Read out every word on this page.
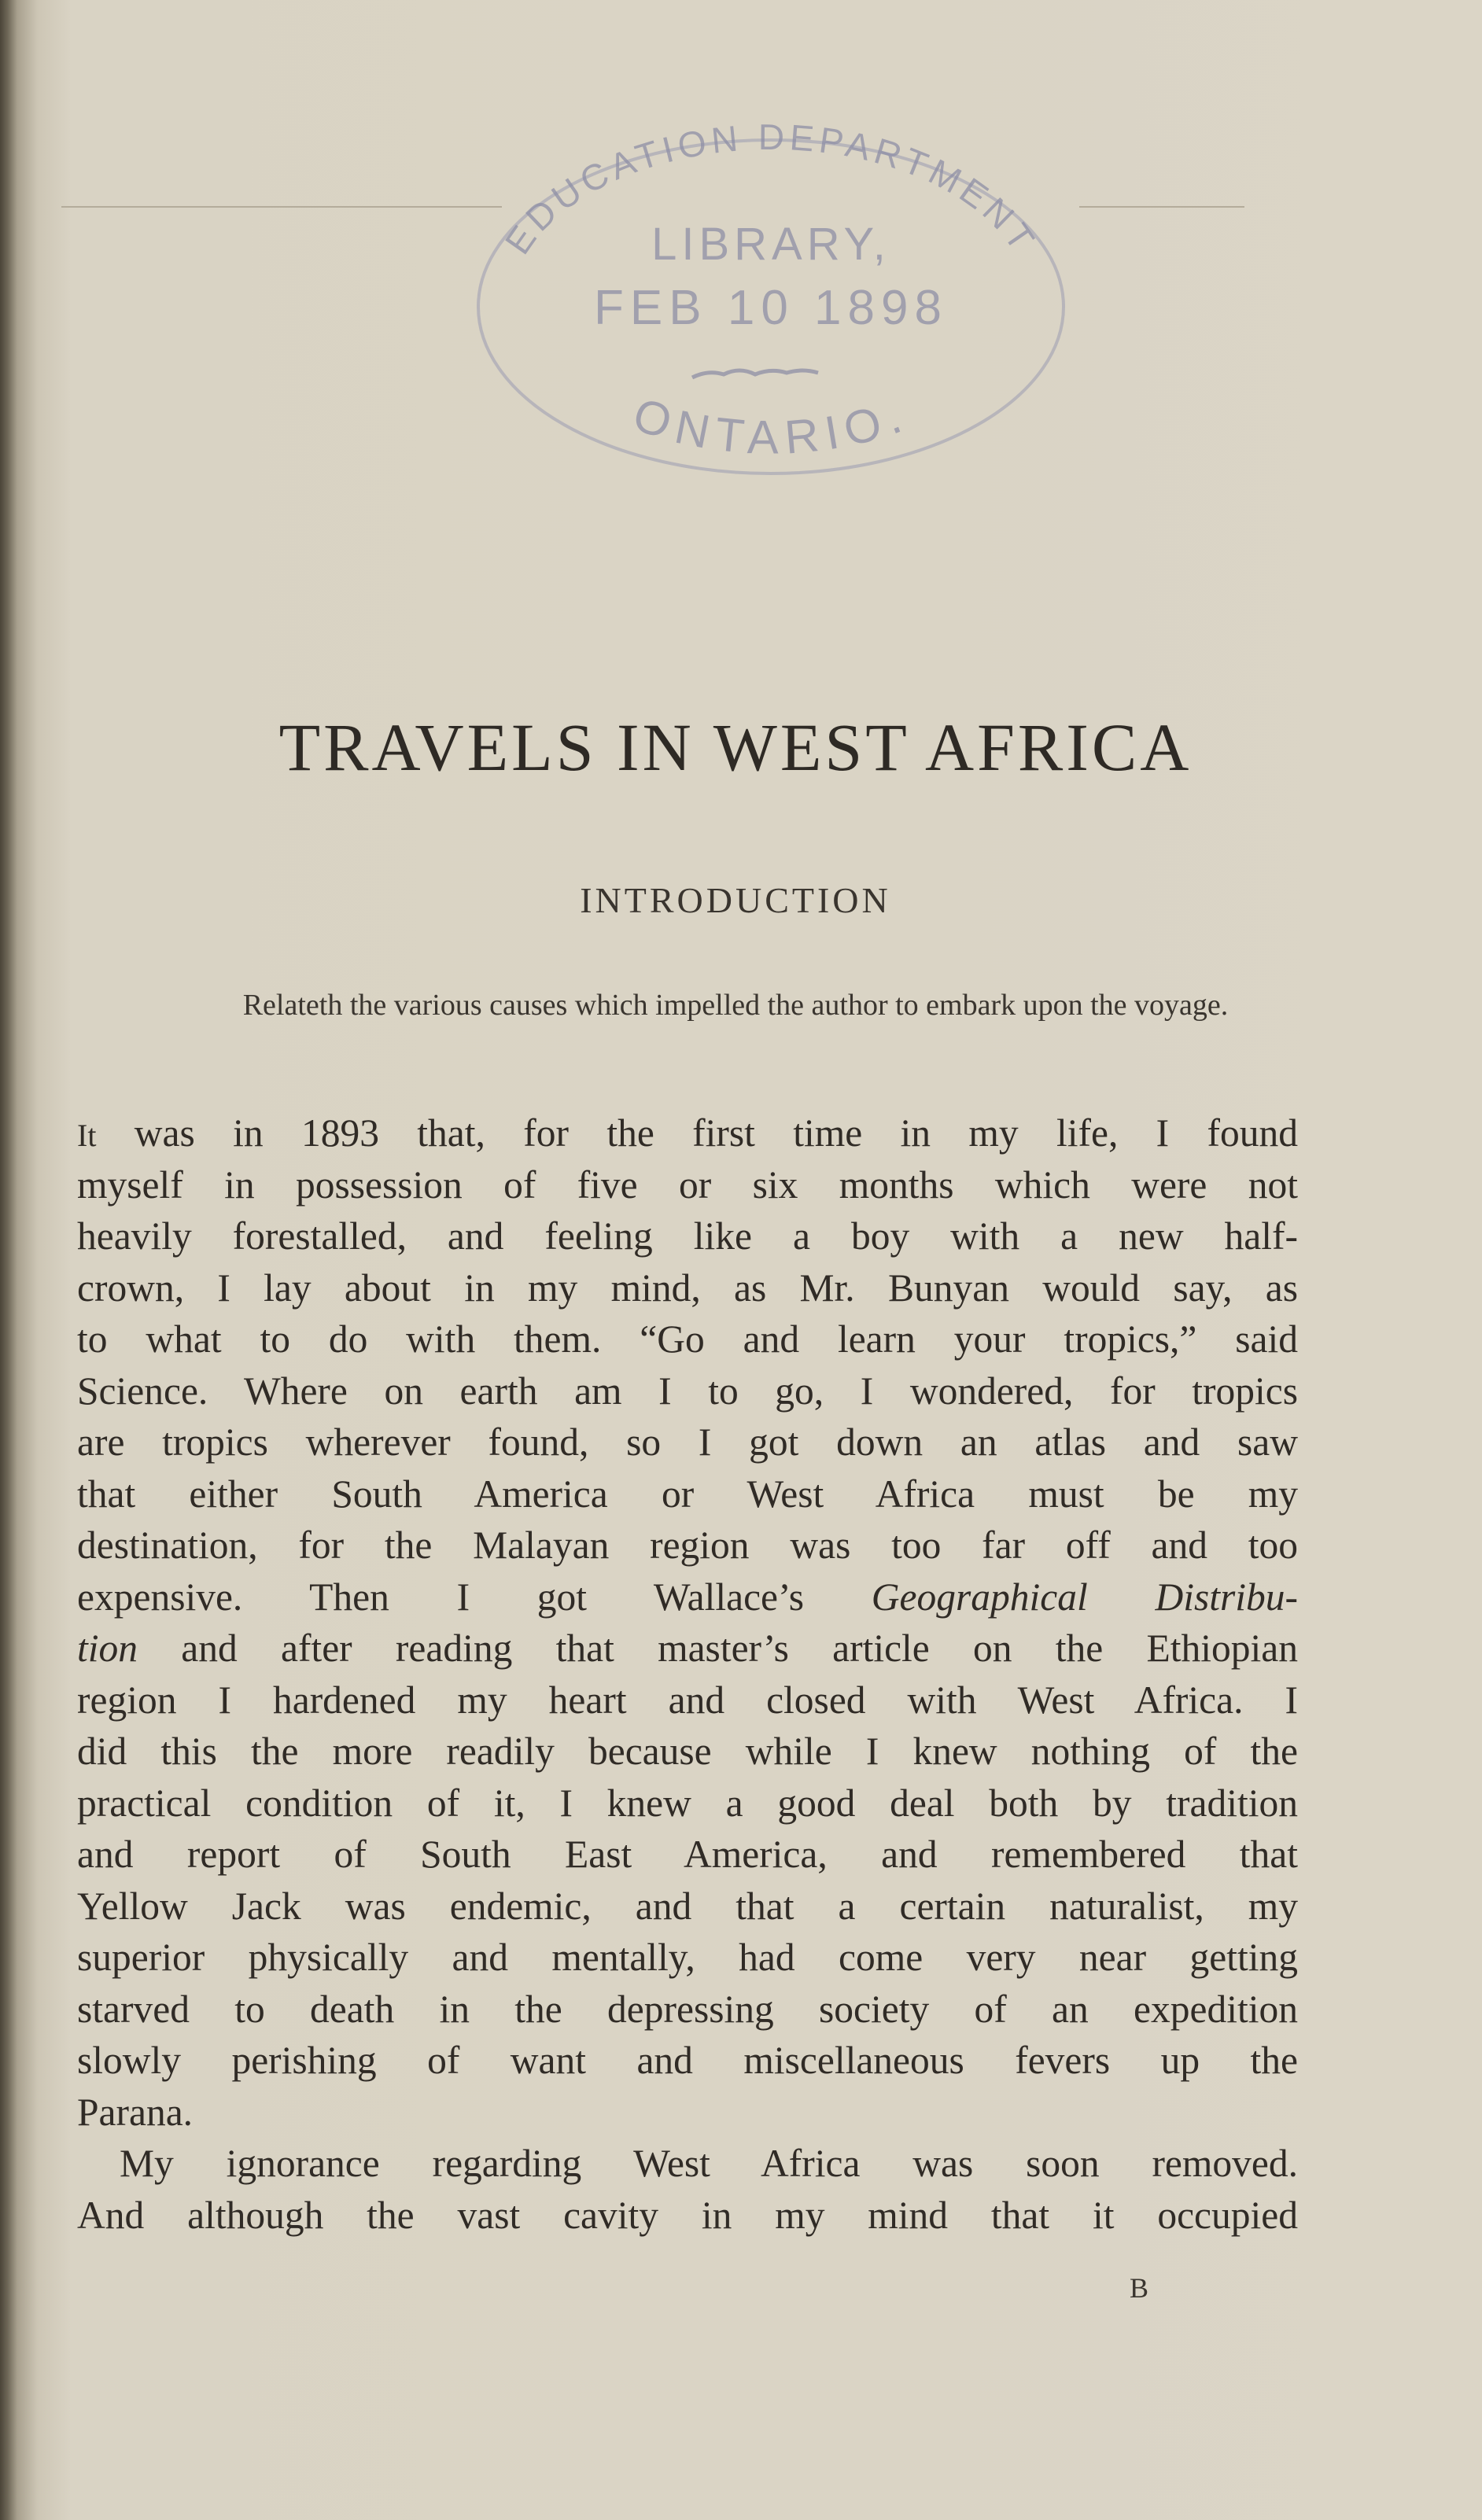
EDUCATION DEPARTMENT
LIBRARY,
FEB 10 1898
ONTARIO.
TRAVELS IN WEST AFRICA
INTRODUCTION

Relateth the various causes which impelled the author to embark upon the voyage.

It was in 1893 that, for the first time in my life, I found
myself in possession of five or six months which were not
heavily forestalled, and feeling like a boy with a new half-
crown, I lay about in my mind, as Mr. Bunyan would say, as
to what to do with them. “Go and learn your tropics,” said
Science. Where on earth am I to go, I wondered, for tropics
are tropics wherever found, so I got down an atlas and saw
that either South America or West Africa must be my
destination, for the Malayan region was too far off and too
expensive. Then I got Wallace’s Geographical Distribu-
tion and after reading that master’s article on the Ethiopian
region I hardened my heart and closed with West Africa. I
did this the more readily because while I knew nothing of the
practical condition of it, I knew a good deal both by tradition
and report of South East America, and remembered that
Yellow Jack was endemic, and that a certain naturalist, my
superior physically and mentally, had come very near getting
starved to death in the depressing society of an expedition
slowly perishing of want and miscellaneous fevers up the
Parana.
My ignorance regarding West Africa was soon removed.
And although the vast cavity in my mind that it occupied
B
